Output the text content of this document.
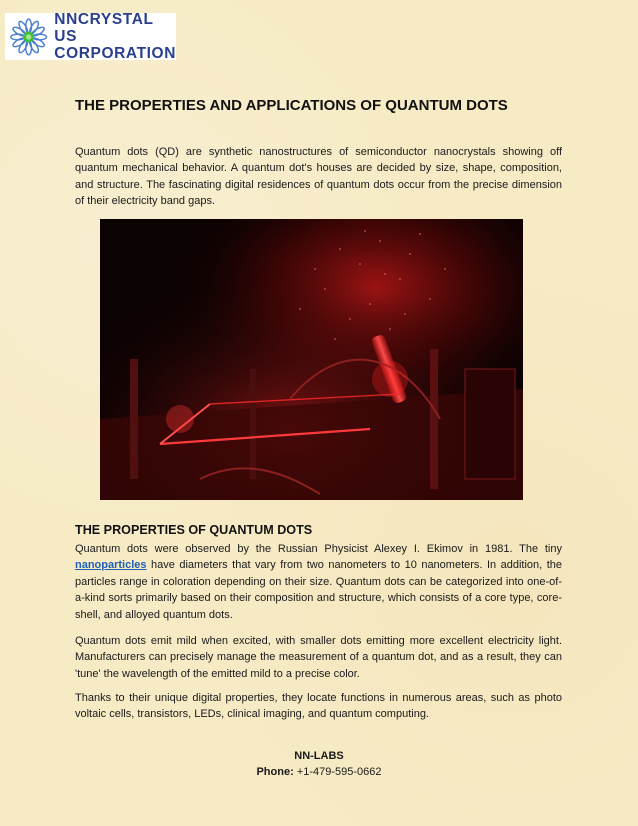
NNCRYSTAL US
CORPORATION
THE PROPERTIES AND APPLICATIONS OF QUANTUM DOTS

Quantum dots (QD) are synthetic nanostructures of semiconductor nanocrystals showing off quantum mechanical behavior. A quantum dot's houses are decided by size, shape, composition, and structure. The fascinating digital residences of quantum dots occur from the precise dimension of their electricity band gaps.

THE PROPERTIES OF QUANTUM DOTS

Quantum dots were observed by the Russian Physicist Alexey I. Ekimov in 1981. The tiny nanoparticles have diameters that vary from two nanometers to 10 nanometers. In addition, the particles range in coloration depending on their size. Quantum dots can be categorized into one-of-a-kind sorts primarily based on their composition and structure, which consists of a core type, core-shell, and alloyed quantum dots.

Quantum dots emit mild when excited, with smaller dots emitting more excellent electricity light. Manufacturers can precisely manage the measurement of a quantum dot, and as a result, they can 'tune' the wavelength of the emitted mild to a precise color.

Thanks to their unique digital properties, they locate functions in numerous areas, such as photo voltaic cells, transistors, LEDs, clinical imaging, and quantum computing.

NN-LABS
Phone: +1-479-595-0662
